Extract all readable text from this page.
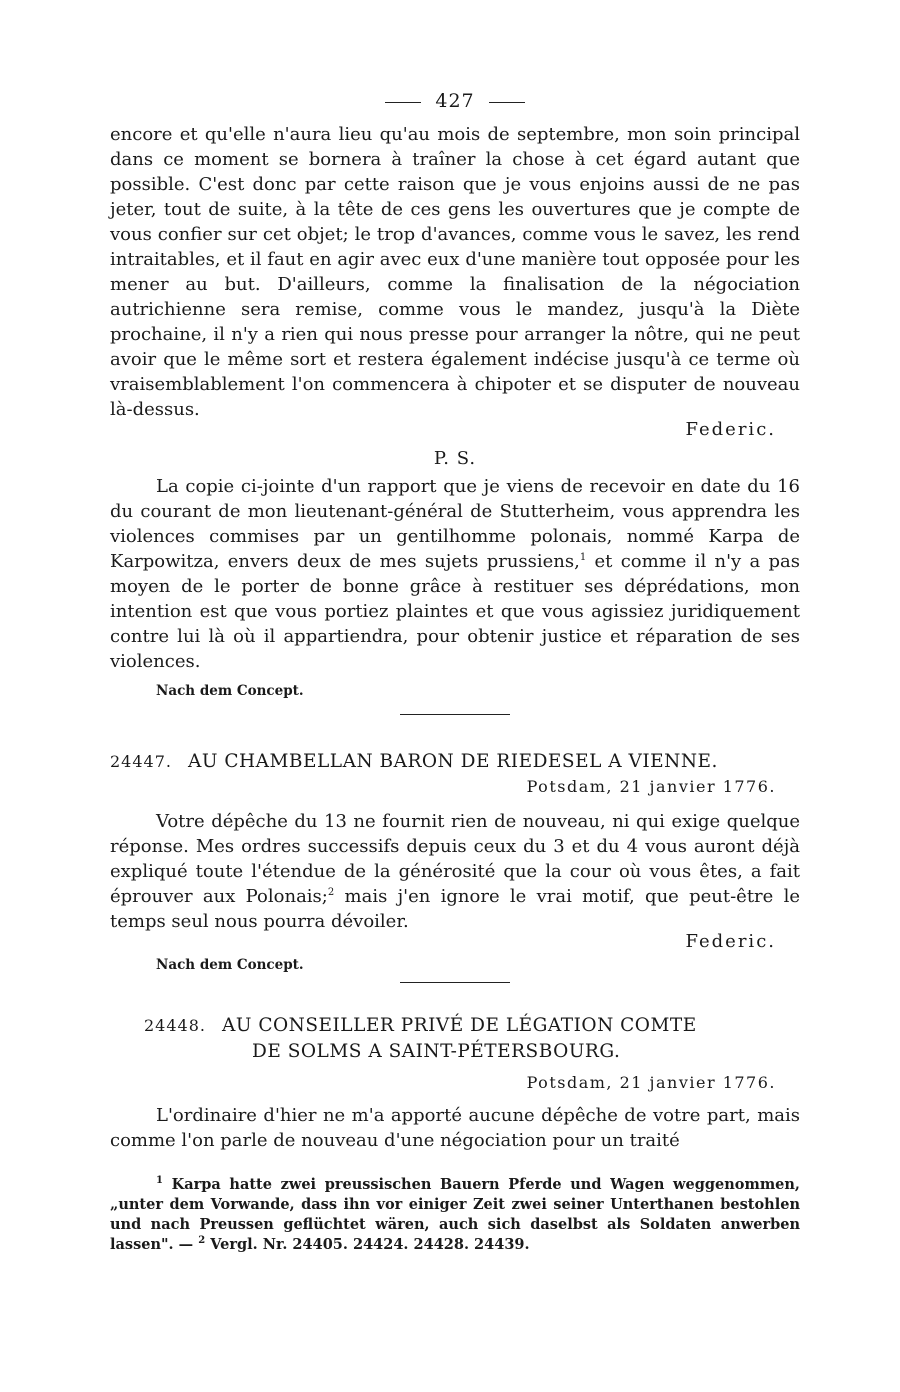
427

encore et qu'elle n'aura lieu qu'au mois de septembre, mon soin principal dans ce moment se bornera à traîner la chose à cet égard autant que possible. C'est donc par cette raison que je vous enjoins aussi de ne pas jeter, tout de suite, à la tête de ces gens les ouvertures que je compte de vous confier sur cet objet; le trop d'avances, comme vous le savez, les rend intraitables, et il faut en agir avec eux d'une manière tout opposée pour les mener au but. D'ailleurs, comme la finalisation de la négociation autrichienne sera remise, comme vous le mandez, jusqu'à la Diète prochaine, il n'y a rien qui nous presse pour arranger la nôtre, qui ne peut avoir que le même sort et restera également indécise jusqu'à ce terme où vraisemblablement l'on commencera à chipoter et se disputer de nouveau là-dessus.

Federic.
P. S.

La copie ci-jointe d'un rapport que je viens de recevoir en date du 16 du courant de mon lieutenant-général de Stutterheim, vous apprendra les violences commises par un gentilhomme polonais, nommé Karpa de Karpowitza, envers deux de mes sujets prussiens,$^1$ et comme il n'y a pas moyen de le porter de bonne grâce à restituer ses déprédations, mon intention est que vous portiez plaintes et que vous agissiez juridiquement contre lui là où il appartiendra, pour obtenir justice et réparation de ses violences.

Nach dem Concept.
24447. AU CHAMBELLAN BARON DE RIEDESEL A VIENNE.
Potsdam, 21 janvier 1776.

Votre dépêche du 13 ne fournit rien de nouveau, ni qui exige quelque réponse. Mes ordres successifs depuis ceux du 3 et du 4 vous auront déjà expliqué toute l'étendue de la générosité que la cour où vous êtes, a fait éprouver aux Polonais;$^2$ mais j'en ignore le vrai motif, que peut-être le temps seul nous pourra dévoiler.

Federic.
Nach dem Concept.
24448. AU CONSEILLER PRIVÉ DE LÉGATION COMTE
DE SOLMS A SAINT-PÉTERSBOURG.
Potsdam, 21 janvier 1776.

L'ordinaire d'hier ne m'a apporté aucune dépêche de votre part, mais comme l'on parle de nouveau d'une négociation pour un traité

$^1$ Karpa hatte zwei preussischen Bauern Pferde und Wagen weggenommen, „unter dem Vorwande, dass ihn vor einiger Zeit zwei seiner Unterthanen bestohlen und nach Preussen geflüchtet wären, auch sich daselbst als Soldaten anwerben lassen". — $^2$ Vergl. Nr. 24405. 24424. 24428. 24439.
